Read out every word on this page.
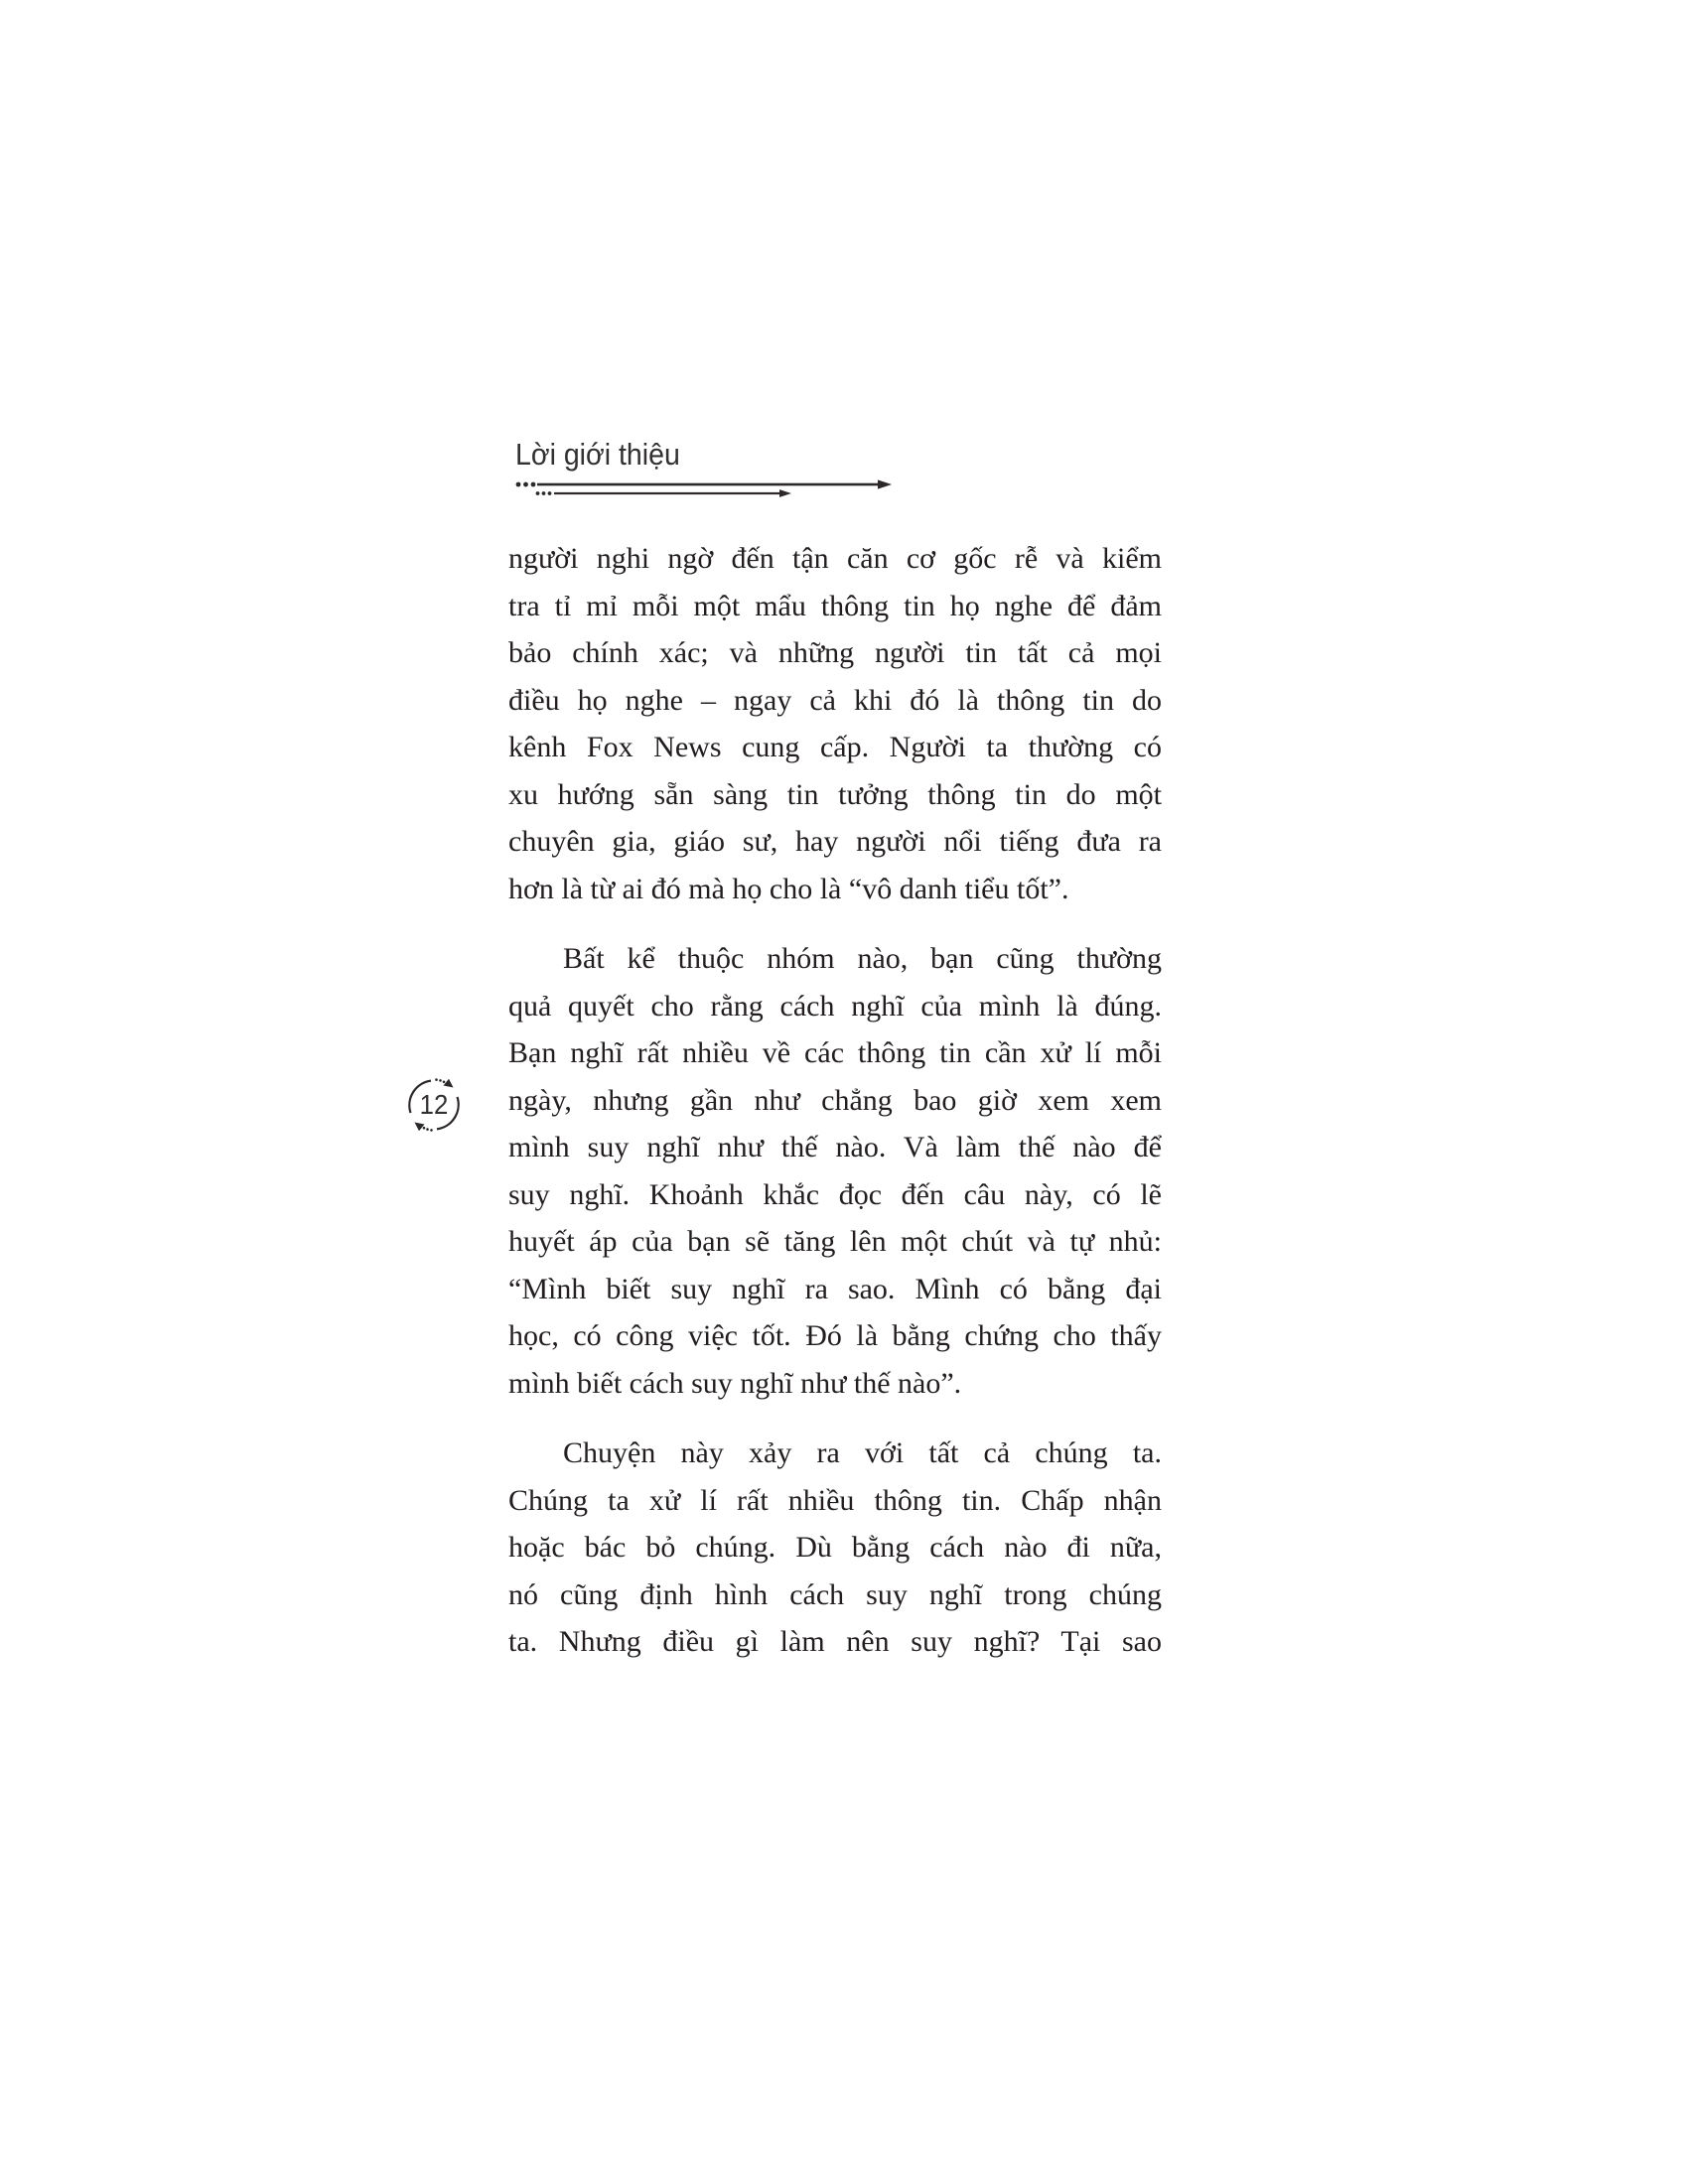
Lời giới thiệu
12

người nghi ngờ đến tận căn cơ gốc rễ và kiểm
tra tỉ mỉ mỗi một mẩu thông tin họ nghe để đảm
bảo chính xác; và những người tin tất cả mọi
điều họ nghe – ngay cả khi đó là thông tin do
kênh Fox News cung cấp. Người ta thường có
xu hướng sẵn sàng tin tưởng thông tin do một
chuyên gia, giáo sư, hay người nổi tiếng đưa ra
hơn là từ ai đó mà họ cho là “vô danh tiểu tốt”.

Bất kể thuộc nhóm nào, bạn cũng thường
quả quyết cho rằng cách nghĩ của mình là đúng.
Bạn nghĩ rất nhiều về các thông tin cần xử lí mỗi
ngày, nhưng gần như chẳng bao giờ xem xem
mình suy nghĩ như thế nào. Và làm thế nào để
suy nghĩ. Khoảnh khắc đọc đến câu này, có lẽ
huyết áp của bạn sẽ tăng lên một chút và tự nhủ:
“Mình biết suy nghĩ ra sao. Mình có bằng đại
học, có công việc tốt. Đó là bằng chứng cho thấy
mình biết cách suy nghĩ như thế nào”.

Chuyện này xảy ra với tất cả chúng ta.
Chúng ta xử lí rất nhiều thông tin. Chấp nhận
hoặc bác bỏ chúng. Dù bằng cách nào đi nữa,
nó cũng định hình cách suy nghĩ trong chúng
ta. Nhưng điều gì làm nên suy nghĩ? Tại sao
